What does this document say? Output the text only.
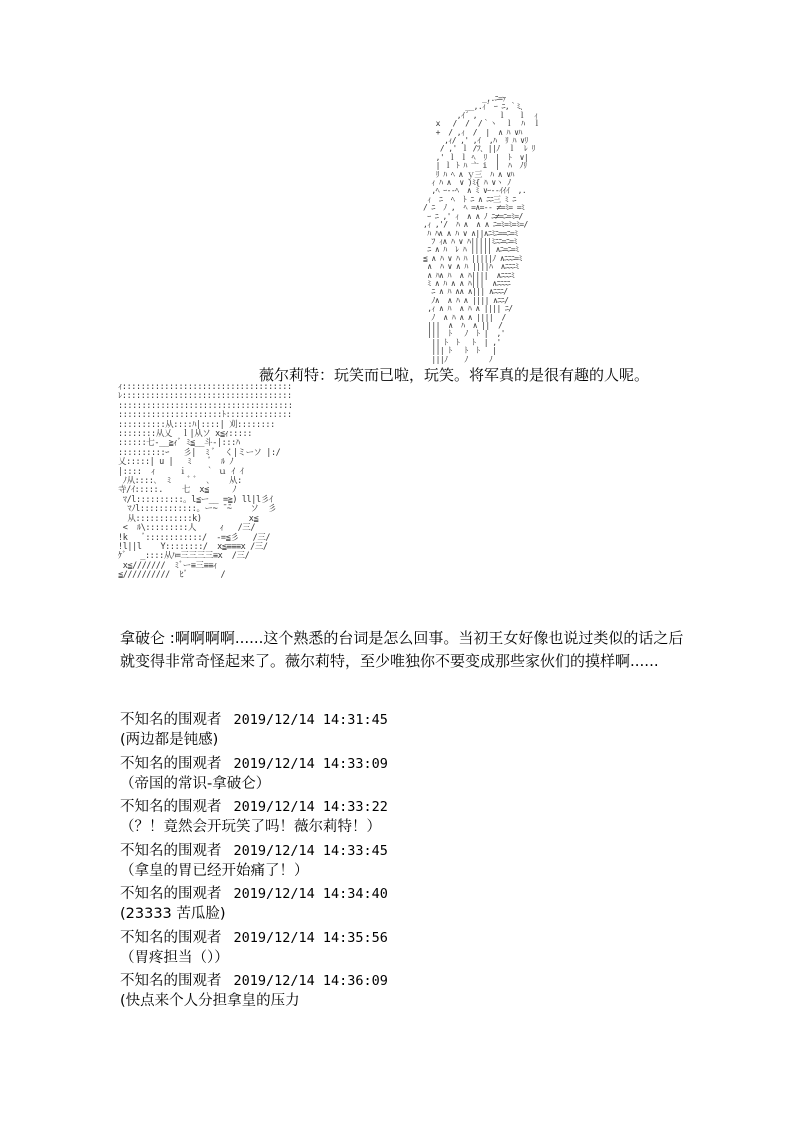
_,.ﾆ=ｧ
__,.ｨ´ ｰ ﾆ,｀ﾐ､
,ｲ´ ,     ｌ   ｌ  ｨ
x   /  /  /｀ヽ  ｌ  ﾊ  ｌ
+  / ,ｨ  /  |  ∧ ﾊ ∨ﾊ
,ｨ/ ,' ,ｲ  ,ﾊ  ﾘ ﾊ ∨ﾘ
/ ,' ｌ /ﾌ､ ||ﾉ  ｌ  ﾚ ﾘ
,' ｌ ｌ ﾍ  ﾘ  |  ﾄ  ∨|
| ｌ ﾄ ﾊ 亠 i  |  ﾊ  ﾉﾘ
ﾘ ﾊ ﾍ ∧ ｙ三  ﾊ ∧ ∨ﾊ
ｨ ﾊ ∧  ∨ )ﾐ{ ﾊ ∨ヽ ﾉ
,ﾍ ｰ--ﾍ  ∧ ﾐ ∨ｰ--ｲｲｲ  ,.
ｨ  ﾆ  ﾍ  ﾄ ﾆ ∧ ﾆﾆ三 ﾐ ﾆ
/ ﾆ  ﾉ ,  ﾍ =∧=-- ≠=ﾐ= =ﾐ
ｰ ﾆ ,' ｨ  ∧ ∧ ﾉ ﾆ≠=ﾆ=ﾐ=/
,ｨ ,'/  ﾊ ∧  ∧ ∧ ﾆ=ﾐ=ﾐ=ﾐ=/
ﾊ ﾊ∧ ∧ ﾊ ∨ ∧||∧ﾆﾐﾆ==ﾆ=ﾐ
ﾌ ｨ∧ ﾊ ∨ ﾊ|||||ﾐﾆﾆ=ﾆ=ﾐ
ﾆ ∧ ﾊ  ﾚ ﾊ ||||| ∧ﾆ=ﾆ=ﾐ
≦ ∧ ﾊ ∨ ﾊ ﾊ |||||ﾉ ∧ﾆﾆﾆ=ﾐ
∧  ﾊ ∨ ∧ ﾊ ||||ﾊ  ∧ﾆﾆﾆﾐ
∧ ﾊ∧ ﾊ  ∧ ﾊ||||  ∧ﾆﾆﾆﾐ
ﾐ ∧ ﾊ ∧ ∧ ﾊ|||  ∧ﾆﾆﾆﾆ
ﾆ ∧ ﾊ ∧∧ ∧||| ∧ﾆﾆﾆ/
ﾉ∧  ∧ ﾊ ∧ |||| ∧ﾆﾆ/
,ｨ ∧ ﾊ  ∧ ﾊ ∧ |||| ﾆ/
ﾉ  ∧ ﾊ ∧ ∧ ||||  /
|||  ∧  ﾊ  ∧ ||  /
|||  ﾄ   ﾉ  ﾄ |  ,'
|| ﾄ  ﾄ   ﾄ  | ,'
||| ﾄ   ﾄ  ﾄ   |
|||ﾉ    ﾉ     ﾉ
薇尔莉特：玩笑而已啦，玩笑。将军真的是很有趣的人呢。
ｨ::::::::::::::::::::::::::::::::::::
ﾚ::::::::::::::::::::::::::::::::::::
:::::::::::::::::::::::::::::::::::::
::::::::::::::::::::::ﾄ::::::::::::::
::::::::::从::::ﾊ|::::| 刈::::::::
::::::::从乂  ｌ|从ソ x≦ｨ:::::
::::::七-__≧ｨﾞ ﾐ≦__斗-|:::ﾊ
::::::::::ｰ   彡|  ﾐ ﾞ  く|ミーソ |:/
乂:::::| u |   ﾐ    ﾞ  ﾙ ﾉ
|::::  ｨ     ｉ    ｀ ｕ ｲ ｲ
ﾉ从::::､  ﾐ    ﾞ ﾞ  ､    从:
寺/ｲ:::::.    七  x≦     ﾉ
ﾏ/l::::::::::。l≦ー__ =≧) ll|l彡ｲ
ﾏﾉl::::::::::::。ー~ ̄ ̄~    ソ  彡
从::::::::::::k)          x≦
<  ﾙ\:::::::::人     ｨ   /三/
!k   ﾞ::::::::::::/  -=≦彡   /三/
!l||l    Y::::::::/  x≦≡≡≡x /三/
ｹﾞ   _::::从ﾊ=三三三三≡x  /三/
x≦///////  ﾐﾞー≡三≡≡ｨ
≦//////////  ﾋﾞ       /

拿破仑 :啊啊啊啊......这个熟悉的台词是怎么回事。当初王女好像也说过类似的话之后就变得非常奇怪起来了。薇尔莉特，至少唯独你不要变成那些家伙们的摸样啊......

不知名的围观者 2019/12/14 14:31:45
(两边都是钝感)
不知名的围观者 2019/12/14 14:33:09
（帝国的常识-拿破仑）
不知名的围观者 2019/12/14 14:33:22
（？！竟然会开玩笑了吗！薇尔莉特！）
不知名的围观者 2019/12/14 14:33:45
（拿皇的胃已经开始痛了！）
不知名的围观者 2019/12/14 14:34:40
(23333 苦瓜脸)
不知名的围观者 2019/12/14 14:35:56
（胃疼担当（））
不知名的围观者 2019/12/14 14:36:09
(快点来个人分担拿皇的压力
